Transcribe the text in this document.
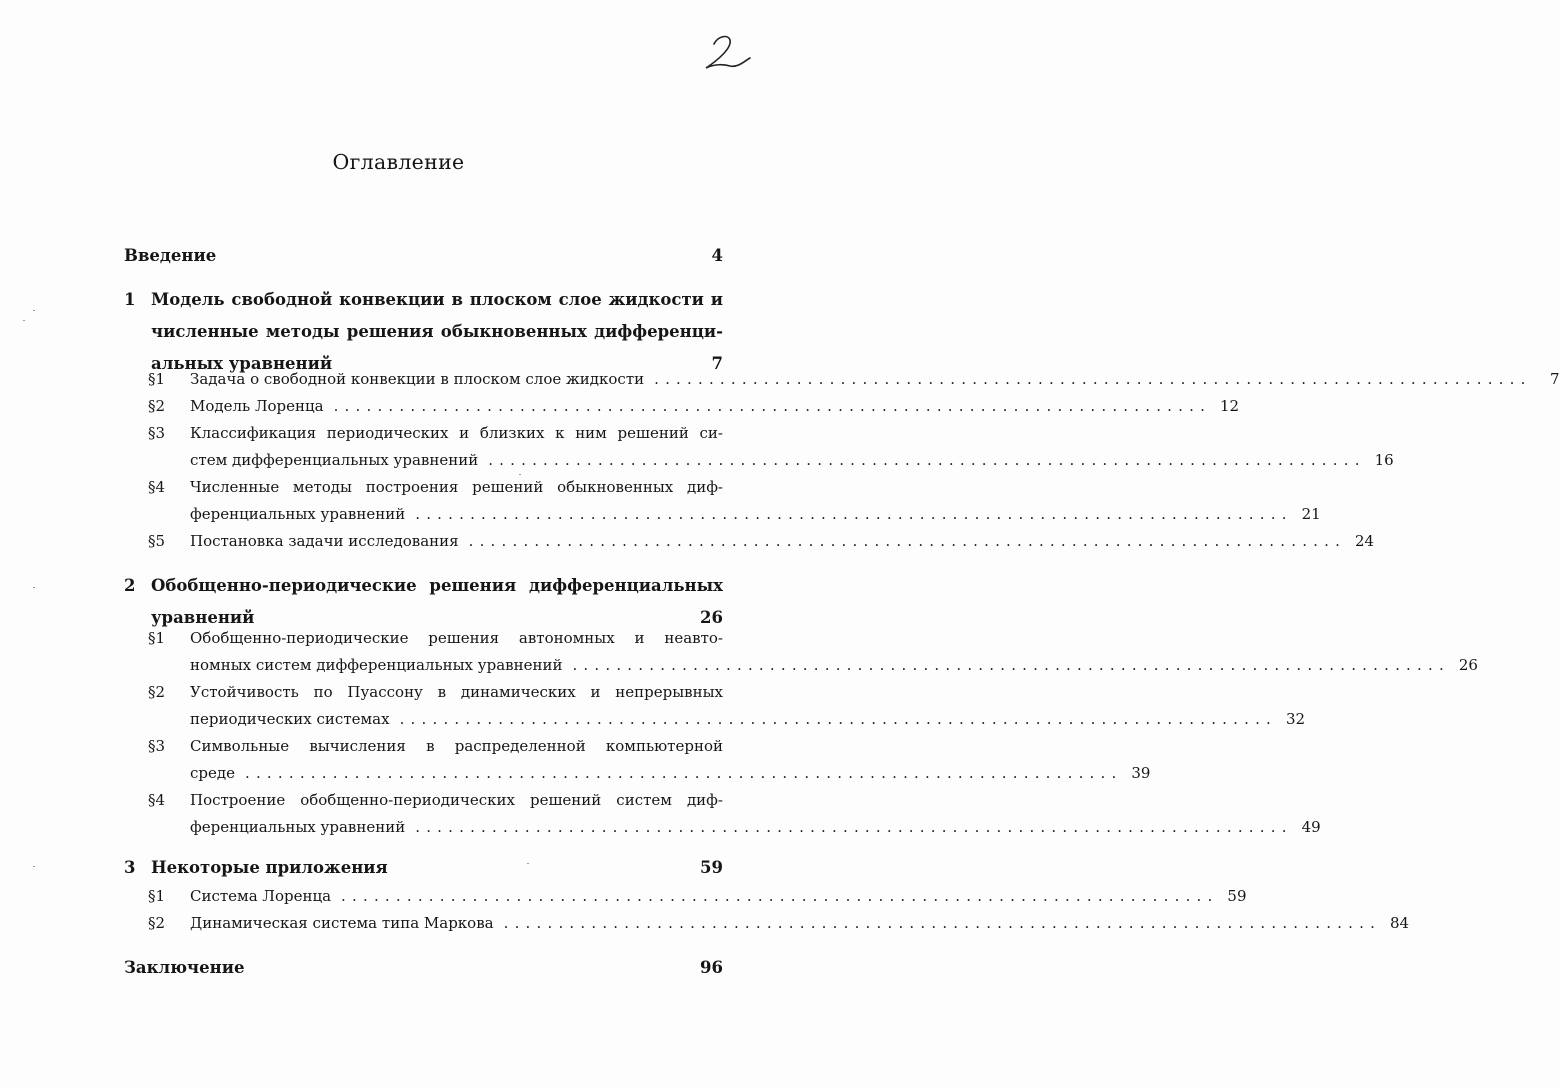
Оглавление
Введение	4
1 Модель свободной конвекции в плоском слое жидкости и
численные методы решения обыкновенных дифференци-
альных уравнений	7
§1 Задача о свободной конвекции в плоском слое жидкости ................................................................................	7
§2 Модель Лоренца ................................................................................ 12
§3 Классификация периодических и близких к ним решений си-
стем дифференциальных уравнений ................................................................................ 16
§4 Численные методы построения решений обыкновенных диф-
ференциальных уравнений ................................................................................ 21
§5 Постановка задачи исследования ................................................................................ 24
2 Обобщенно-периодические решения дифференциальных
уравнений	26
§1 Обобщенно-периодические решения автономных и неавто-
номных систем дифференциальных уравнений ................................................................................ 26
§2 Устойчивость по Пуассону в динамических и непрерывных
периодических системах ................................................................................ 32
§3 Символьные вычисления в распределенной компьютерной
среде ................................................................................ 39
§4 Построение обобщенно-периодических решений систем диф-
ференциальных уравнений ................................................................................ 49
3 Некоторые приложения	59
§1 Система Лоренца ................................................................................ 59
§2 Динамическая система типа Маркова ................................................................................ 84
Заключение	96
